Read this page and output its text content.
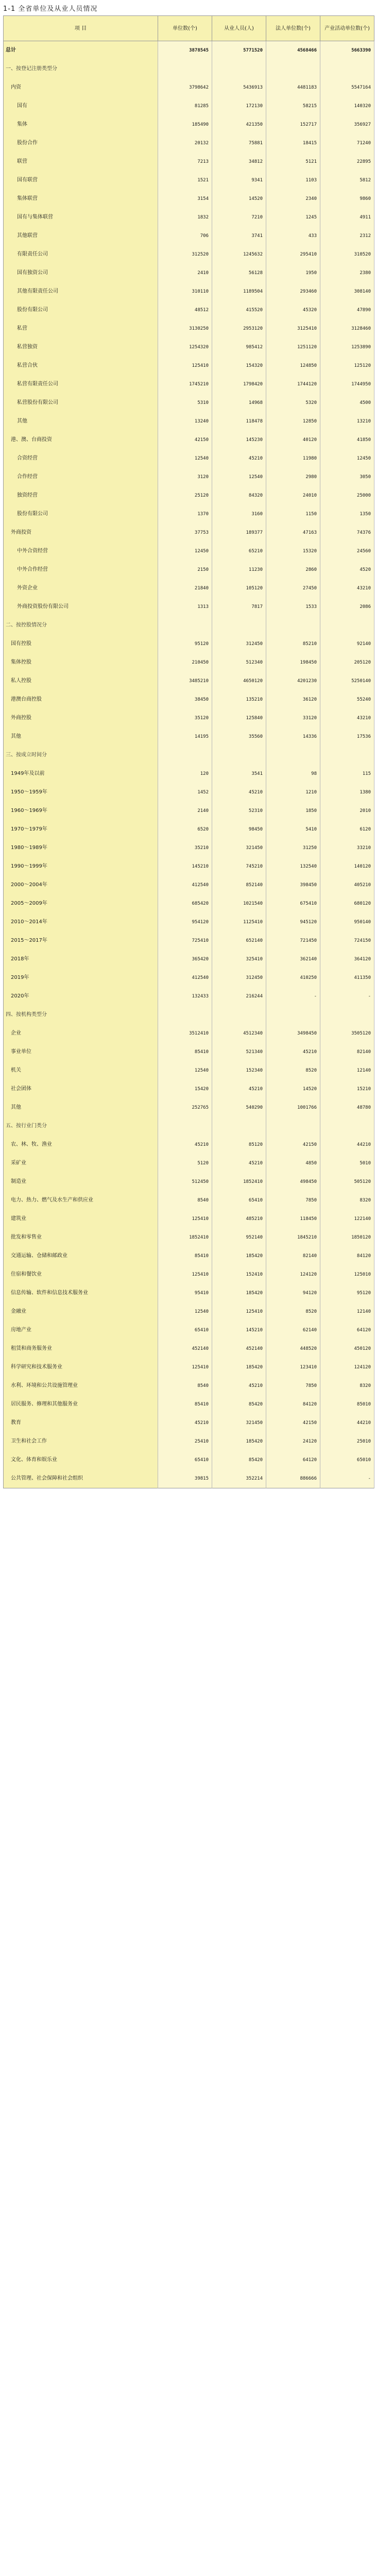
1-1 全省单位及从业人员情况
项 目	单位数(个)	从业人员(人)	法人单位数(个)	产业活动单位数(个)
总计	3878545	5771520	4568466	5663390
一、按登记注册类型分				
内资	3798642	5436913	4481183	5547164
国有	81285	172130	58215	140320
集体	185490	421350	152717	356927
股份合作	20132	75881	18415	71240
联营	7213	34812	5121	22895
国有联营	1521	9341	1103	5812
集体联营	3154	14520	2340	9860
国有与集体联营	1832	7210	1245	4911
其他联营	706	3741	433	2312
有限责任公司	312520	1245632	295410	310520
国有独资公司	2410	56128	1950	2380
其他有限责任公司	310110	1189504	293460	308140
股份有限公司	48512	415520	45320	47890
私营	3130250	2953120	3125410	3128460
私营独资	1254320	985412	1251120	1253890
私营合伙	125410	154320	124850	125120
私营有限责任公司	1745210	1798420	1744120	1744950
私营股份有限公司	5310	14968	5320	4500
其他	13240	118478	12850	13210
港、澳、台商投资	42150	145230	40120	41850
合资经营	12540	45210	11980	12450
合作经营	3120	12540	2980	3050
独资经营	25120	84320	24010	25000
股份有限公司	1370	3160	1150	1350
外商投资	37753	189377	47163	74376
中外合资经营	12450	65210	15320	24560
中外合作经营	2150	11230	2860	4520
外资企业	21840	105120	27450	43210
外商投资股份有限公司	1313	7817	1533	2086
二、按控股情况分				
国有控股	95120	312450	85210	92140
集体控股	210450	512340	198450	205120
私人控股	3485210	4650120	4201230	5250140
港澳台商控股	38450	135210	36120	55240
外商控股	35120	125840	33120	43210
其他	14195	35560	14336	17536
三、按成立时间分				
1949年及以前	120	3541	98	115
1950～1959年	1452	45210	1210	1380
1960～1969年	2140	52310	1850	2010
1970～1979年	6520	98450	5410	6120
1980～1989年	35210	321450	31250	33210
1990～1999年	145210	745210	132540	140120
2000～2004年	412540	852140	398450	405210
2005～2009年	685420	1021540	675410	680120
2010～2014年	954120	1125410	945120	950140
2015～2017年	725410	652140	721450	724150
2018年	365420	325410	362140	364120
2019年	412540	312450	410250	411350
2020年	132433	216244	-	-
四、按机构类型分				
企业	3512410	4512340	3498450	3505120
事业单位	85410	521340	45210	82140
机关	12540	152340	8520	12140
社会团体	15420	45210	14520	15210
其他	252765	540290	1001766	48780
五、按行业门类分				
农、林、牧、渔业	45210	85120	42150	44210
采矿业	5120	45210	4850	5010
制造业	512450	1852410	498450	505120
电力、热力、燃气及水生产和供应业	8540	65410	7850	8320
建筑业	125410	485210	118450	122140
批发和零售业	1852410	952140	1845210	1850120
交通运输、仓储和邮政业	85410	185420	82140	84120
住宿和餐饮业	125410	152410	124120	125010
信息传输、软件和信息技术服务业	95410	185420	94120	95120
金融业	12540	125410	8520	12140
房地产业	65410	145210	62140	64120
租赁和商务服务业	452140	452140	448520	450120
科学研究和技术服务业	125410	185420	123410	124120
水利、环境和公共设施管理业	8540	45210	7850	8320
居民服务、修理和其他服务业	85410	85420	84120	85010
教育	45210	321450	42150	44210
卫生和社会工作	25410	185420	24120	25010
文化、体育和娱乐业	65410	85420	64120	65010
公共管理、社会保障和社会组织	39815	352214	886666	-
